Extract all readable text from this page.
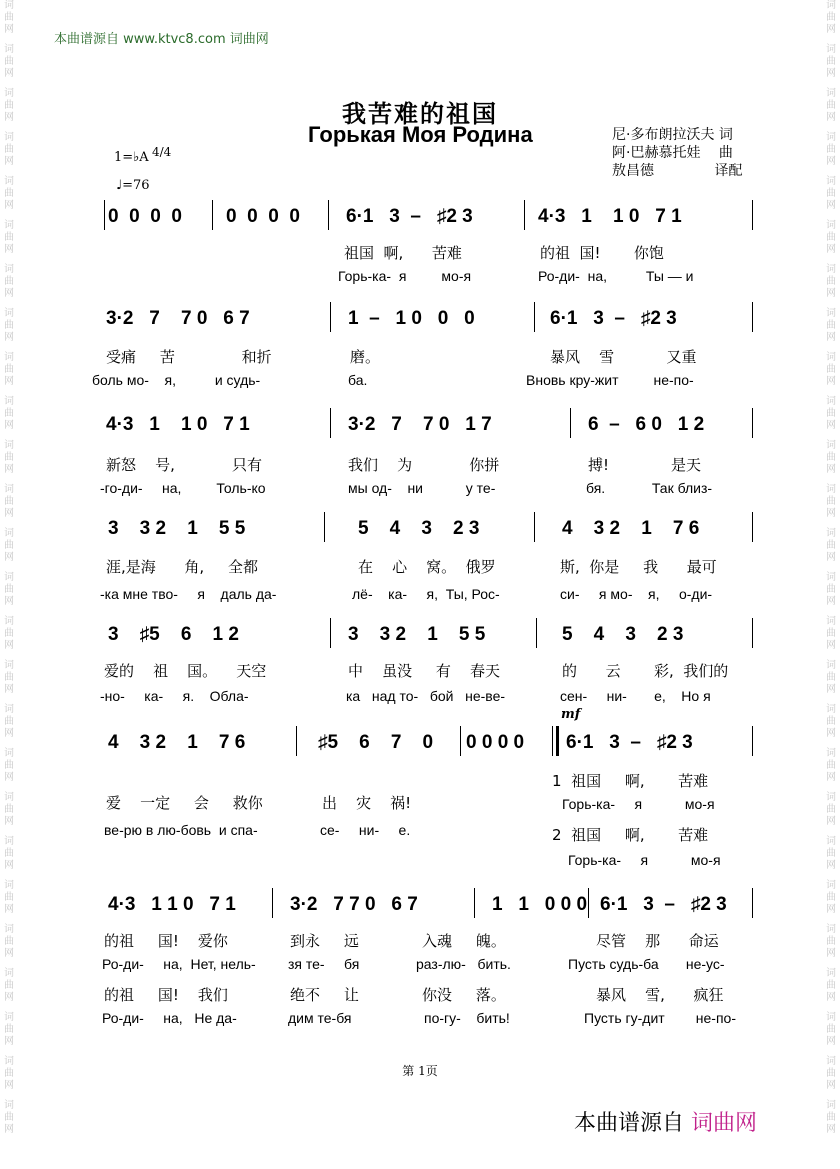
词
曲
网
词
曲
网
词
曲
网
词
曲
网
词
曲
网
词
曲
网
词
曲
网
词
曲
网
词
曲
网
词
曲
网
词
曲
网
词
曲
网
词
曲
网
词
曲
网
词
曲
网
词
曲
网
词
曲
网
词
曲
网
词
曲
网
词
曲
网
词
曲
网
词
曲
网
词
曲
网
词
曲
网
词
曲
网
词
曲
网
词
曲
网
词
曲
网
词
曲
网
词
曲
网
词
曲
网
词
曲
网
词
曲
网
词
曲
网
词
曲
网
词
曲
网
词
曲
网
词
曲
网
词
曲
网
词
曲
网
词
曲
网
词
曲
网
词
曲
网
词
曲
网
词
曲
网
词
曲
网
词
曲
网
词
曲
网
词
曲
网
词
曲
网
词
曲
网
词
曲
网
本曲谱源自 www.ktvc8.com 词曲网
我苦难的祖国
Горькая Моя Родина	尼·多布朗拉沃夫 词
阿·巴赫慕托娃　 曲
敖昌德　　　　 译配
1=♭A 4/4
♩=76
0  0  0  0 0  0  0  0 6·1   3  –   ♯2 3	4·3   1    1 0   7 1
祖国  啊,      苦难	的祖  国!       你饱
Горь-ка-  я         мо-я	Ро-ди-  на,          Ты — и
3·2   7    7 0   6 7	1  –   1 0   0   0	6·1   3  –   ♯2 3
受痛     苦              和折	磨。	暴风    雪           又重
боль мо-    я,          и судь-	ба.	Вновь кру-жит         не-по-
4·3   1    1 0   7 1	3·2   7    7 0   1 7	6  –   6 0   1 2
新怒    号,            只有	我们    为            你拼	搏!             是天
-го-ди-     на,         Толь-ко	мы од-    ни           у те-	бя.            Так близ-
3    3 2    1    5 5	5    4    3    2 3	4    3 2    1    7 6
涯,是海      角,     全都	在    心    窝。  俄罗	斯,  你是     我      最可
-ка мне тво-     я    даль да-	лё-    ка-     я,  Ты, Рос-	си-     я мо-    я,     о-ди-
3    ♯5    6    1 2	3    3 2    1    5 5	5    4    3    2 3
爱的    祖    国。    天空	中    虽没     有    春天	的      云       彩,  我们的
-но-     ка-     я.    Обла-	ка   над то-   бой   не-ве-	сен-     ни-       е,    Но я
4    3 2    1    7 6	♯5    6    7    0 0 0 0 0
mf
6·1   3  –   ♯2 3
爱    一定     会     救你	出    灾    祸!
1  祖国     啊,       苦难
2  祖国     啊,       苦难
ве-рю в лю-бовь  и спа-	се-     ни-     е.
Горь-ка-     я           мо-я
Горь-ка-     я           мо-я
4·3   1 1 0   7 1	3·2   7 7 0   6 7	1   1   0 0 0 6·1   3  –   ♯2 3
的祖     国!    爱你	到永     远	入魂     魄。	尽管    那      命运
Ро-ди-     на,  Нет, нель- зя те-     бя	раз-лю-   бить.	Пусть судь-ба       не-ус-
的祖     国!    我们	绝不     让	你没     落。	暴风    雪,      疯狂
Ро-ди-     на,   Не да-	дим те-бя	по-гу-    бить!	Пусть гу-дит        не-по-
第 1页
本曲谱源自 词曲网
